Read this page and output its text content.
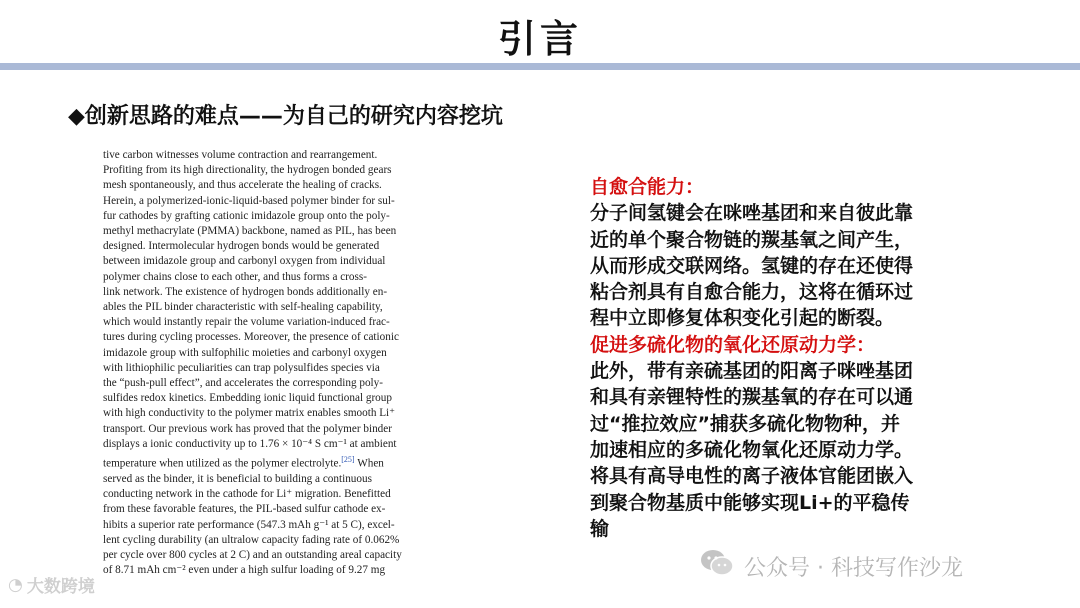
引言
◆创新思路的难点——为自己的研究内容挖坑

tive carbon witnesses volume contraction and rearrangement.
Profiting from its high directionality, the hydrogen bonded gears
mesh spontaneously, and thus accelerate the healing of cracks.
Herein, a polymerized-ionic-liquid-based polymer binder for sul-
fur cathodes by grafting cationic imidazole group onto the poly-
methyl methacrylate (PMMA) backbone, named as PIL, has been
designed. Intermolecular hydrogen bonds would be generated
between imidazole group and carbonyl oxygen from individual
polymer chains close to each other, and thus forms a cross-
link network. The existence of hydrogen bonds additionally en-
ables the PIL binder characteristic with self-healing capability,
which would instantly repair the volume variation-induced frac-
tures during cycling processes. Moreover, the presence of cationic
imidazole group with sulfophilic moieties and carbonyl oxygen
with lithiophilic peculiarities can trap polysulfides species via
the “push-pull effect”, and accelerates the corresponding poly-
sulfides redox kinetics. Embedding ionic liquid functional group
with high conductivity to the polymer matrix enables smooth Li⁺
transport. Our previous work has proved that the polymer binder
displays a ionic conductivity up to 1.76 × 10⁻⁴ S cm⁻¹ at ambient
temperature when utilized as the polymer electrolyte.[25] When
served as the binder, it is beneficial to building a continuous
conducting network in the cathode for Li⁺ migration. Benefitted
from these favorable features, the PIL-based sulfur cathode ex-
hibits a superior rate performance (547.3 mAh g⁻¹ at 5 C), excel-
lent cycling durability (an ultralow capacity fading rate of 0.062%
per cycle over 800 cycles at 2 C) and an outstanding areal capacity
of 8.71 mAh cm⁻² even under a high sulfur loading of 9.27 mg

自愈合能力：
分子间氢键会在咪唑基团和来自彼此靠
近的单个聚合物链的羰基氧之间产生，
从而形成交联网络。氢键的存在还使得
粘合剂具有自愈合能力，这将在循环过
程中立即修复体积变化引起的断裂。
促进多硫化物的氧化还原动力学：
此外，带有亲硫基团的阳离子咪唑基团
和具有亲锂特性的羰基氧的存在可以通
过“推拉效应”捕获多硫化物物种，并
加速相应的多硫化物氧化还原动力学。
将具有高导电性的离子液体官能团嵌入
到聚合物基质中能够实现Li+的平稳传
输
公众号 · 科技写作沙龙
◔ 大数跨境
